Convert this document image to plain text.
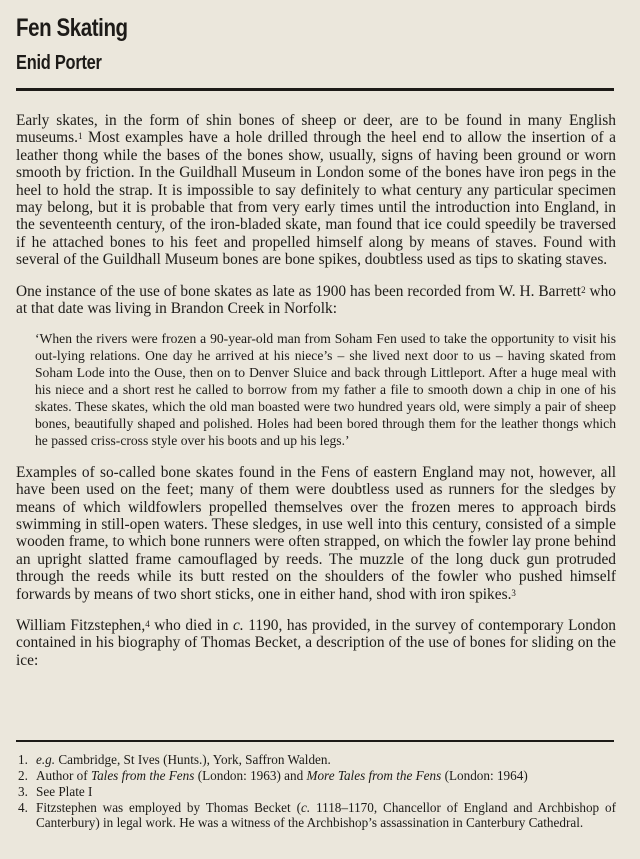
Fen Skating
Enid Porter

Early skates, in the form of shin bones of sheep or deer, are to be found in many English museums.$^1$ Most examples have a hole drilled through the heel end to allow the insertion of a leather thong while the bases of the bones show, usually, signs of having been ground or worn smooth by friction. In the Guildhall Museum in London some of the bones have iron pegs in the heel to hold the strap. It is impossible to say definitely to what century any particular specimen may belong, but it is probable that from very early times until the introduction into England, in the seventeenth century, of the iron-bladed skate, man found that ice could speedily be traversed if he attached bones to his feet and propelled himself along by means of staves. Found with several of the Guildhall Museum bones are bone spikes, doubtless used as tips to skating staves.

One instance of the use of bone skates as late as 1900 has been recorded from W. H. Barrett$^2$ who at that date was living in Brandon Creek in Norfolk:

‘When the rivers were frozen a 90-year-old man from Soham Fen used to take the opportunity to visit his out-lying relations. One day he arrived at his niece’s – she lived next door to us – having skated from Soham Lode into the Ouse, then on to Denver Sluice and back through Littleport. After a huge meal with his niece and a short rest he called to borrow from my father a file to smooth down a chip in one of his skates. These skates, which the old man boasted were two hundred years old, were simply a pair of sheep bones, beautifully shaped and polished. Holes had been bored through them for the leather thongs which he passed criss-cross style over his boots and up his legs.’

Examples of so-called bone skates found in the Fens of eastern England may not, however, all have been used on the feet; many of them were doubtless used as runners for the sledges by means of which wildfowlers propelled themselves over the frozen meres to approach birds swimming in still-open waters. These sledges, in use well into this century, consisted of a simple wooden frame, to which bone runners were often strapped, on which the fowler lay prone behind an upright slatted frame camouflaged by reeds. The muzzle of the long duck gun protruded through the reeds while its butt rested on the shoulders of the fowler who pushed himself forwards by means of two short sticks, one in either hand, shod with iron spikes.$^3$

William Fitzstephen,$^4$ who died in c. 1190, has provided, in the survey of contemporary London contained in his biography of Thomas Becket, a description of the use of bones for sliding on the ice:

1. e.g. Cambridge, St Ives (Hunts.), York, Saffron Walden.
2. Author of Tales from the Fens (London: 1963) and More Tales from the Fens (London: 1964)
3. See Plate I
4. Fitzstephen was employed by Thomas Becket (c. 1118–1170, Chancellor of England and Archbishop of Canterbury) in legal work. He was a witness of the Archbishop’s assassination in Canterbury Cathedral.
